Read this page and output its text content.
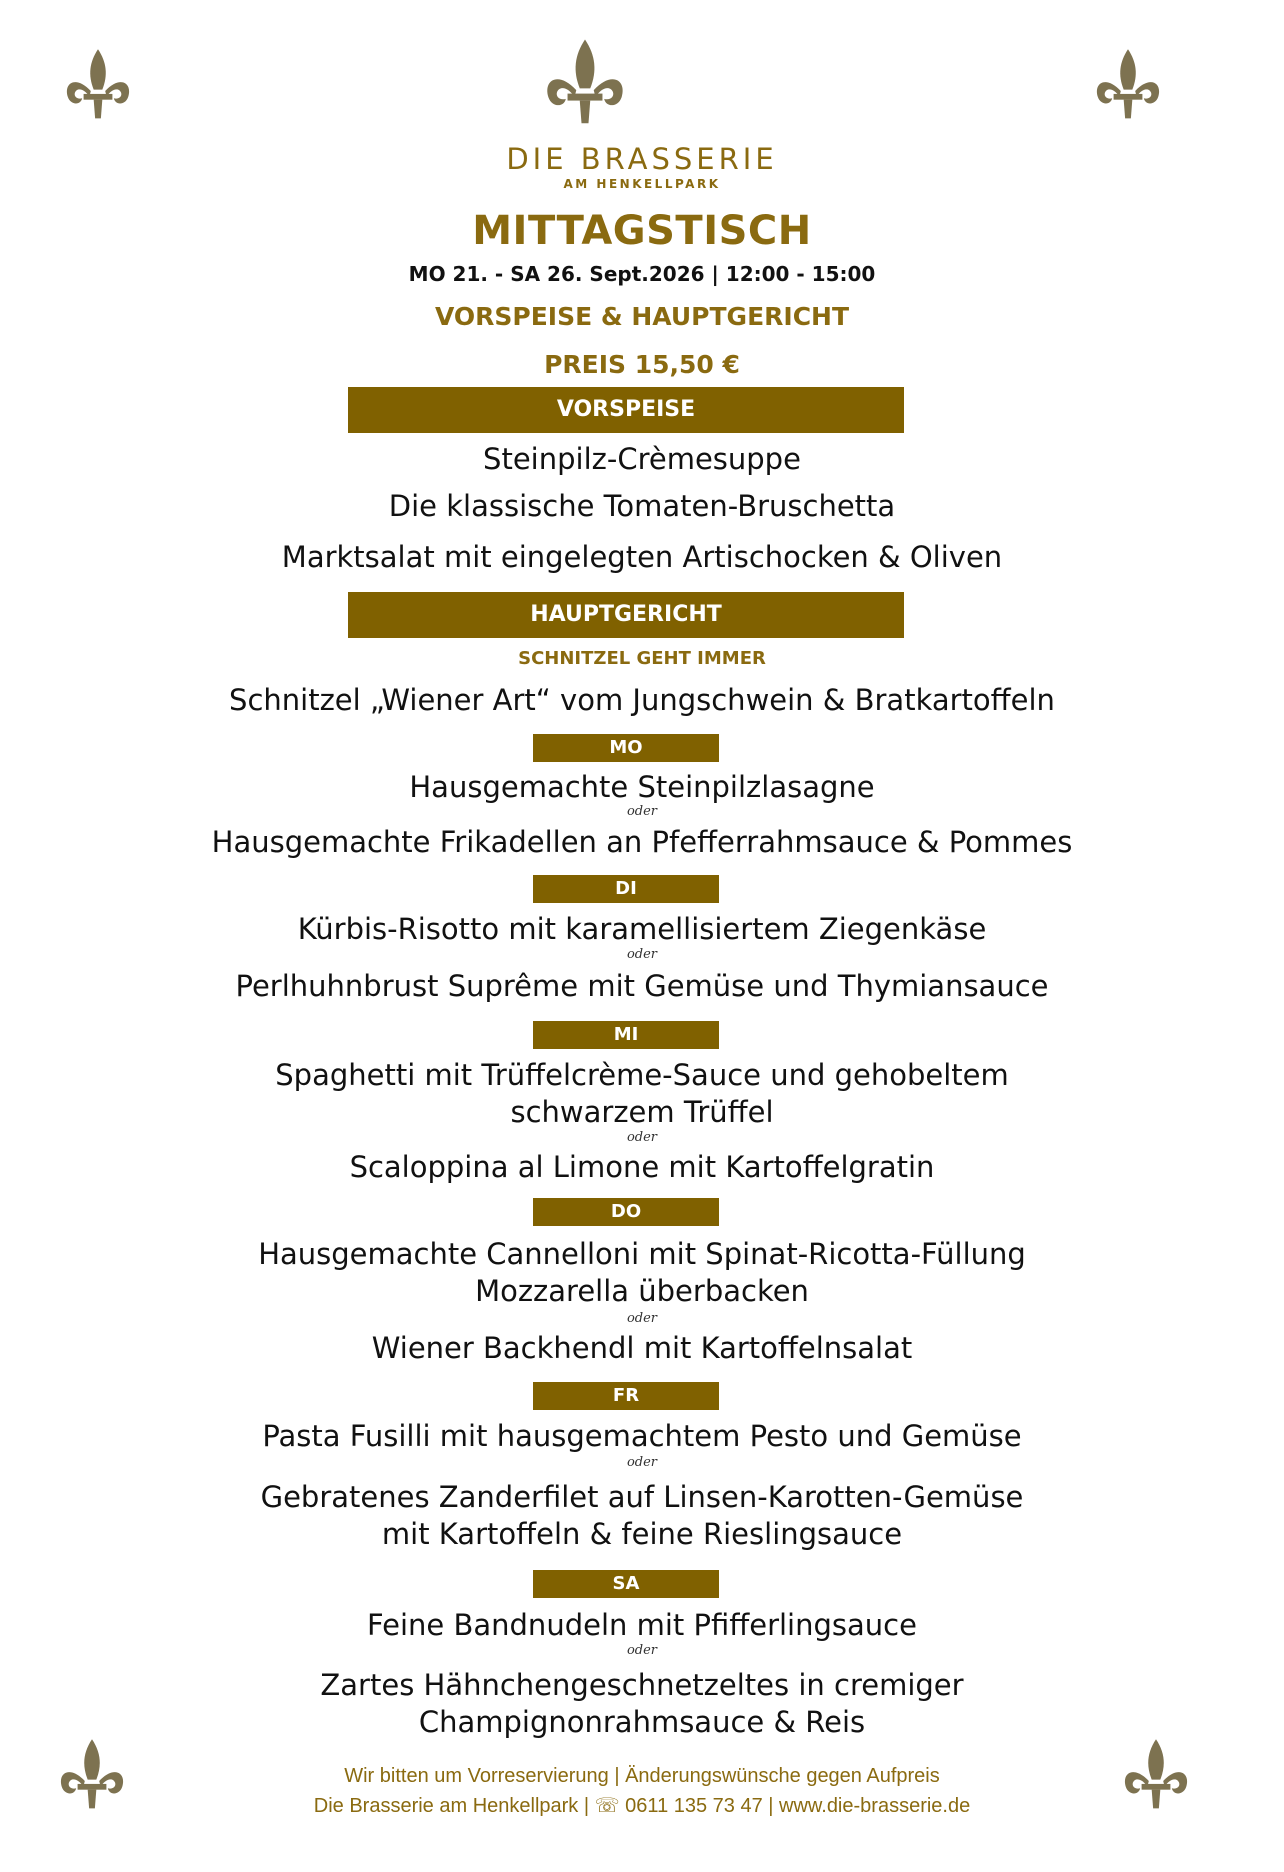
DIE BRASSERIE
AM HENKELLPARK
MITTAGSTISCH
MO 21. - SA 26. Sept.2026 | 12:00 - 15:00
VORSPEISE & HAUPTGERICHT
PREIS 15,50 €
VORSPEISE
Steinpilz-Crèmesuppe
Die klassische Tomaten-Bruschetta
Marktsalat mit eingelegten Artischocken & Oliven
HAUPTGERICHT
SCHNITZEL GEHT IMMER
Schnitzel „Wiener Art“ vom Jungschwein & Bratkartoffeln
MO
Hausgemachte Steinpilzlasagne
oder
Hausgemachte Frikadellen an Pfefferrahmsauce & Pommes
DI
Kürbis-Risotto mit karamellisiertem Ziegenkäse
oder
Perlhuhnbrust Suprême mit Gemüse und Thymiansauce
MI
Spaghetti mit Trüffelcrème-Sauce und gehobeltem
schwarzem Trüffel
oder
Scaloppina al Limone mit Kartoffelgratin
DO
Hausgemachte Cannelloni mit Spinat-Ricotta-Füllung
Mozzarella überbacken
oder
Wiener Backhendl mit Kartoffelnsalat
FR
Pasta Fusilli mit hausgemachtem Pesto und Gemüse
oder
Gebratenes Zanderfilet auf Linsen-Karotten-Gemüse
mit Kartoffeln & feine Rieslingsauce
SA
Feine Bandnudeln mit Pfifferlingsauce
oder
Zartes Hähnchengeschnetzeltes in cremiger
Champignonrahmsauce & Reis
Wir bitten um Vorreservierung | Änderungswünsche gegen Aufpreis
Die Brasserie am Henkellpark | ☏ 0611 135 73 47 | www.die-brasserie.de
